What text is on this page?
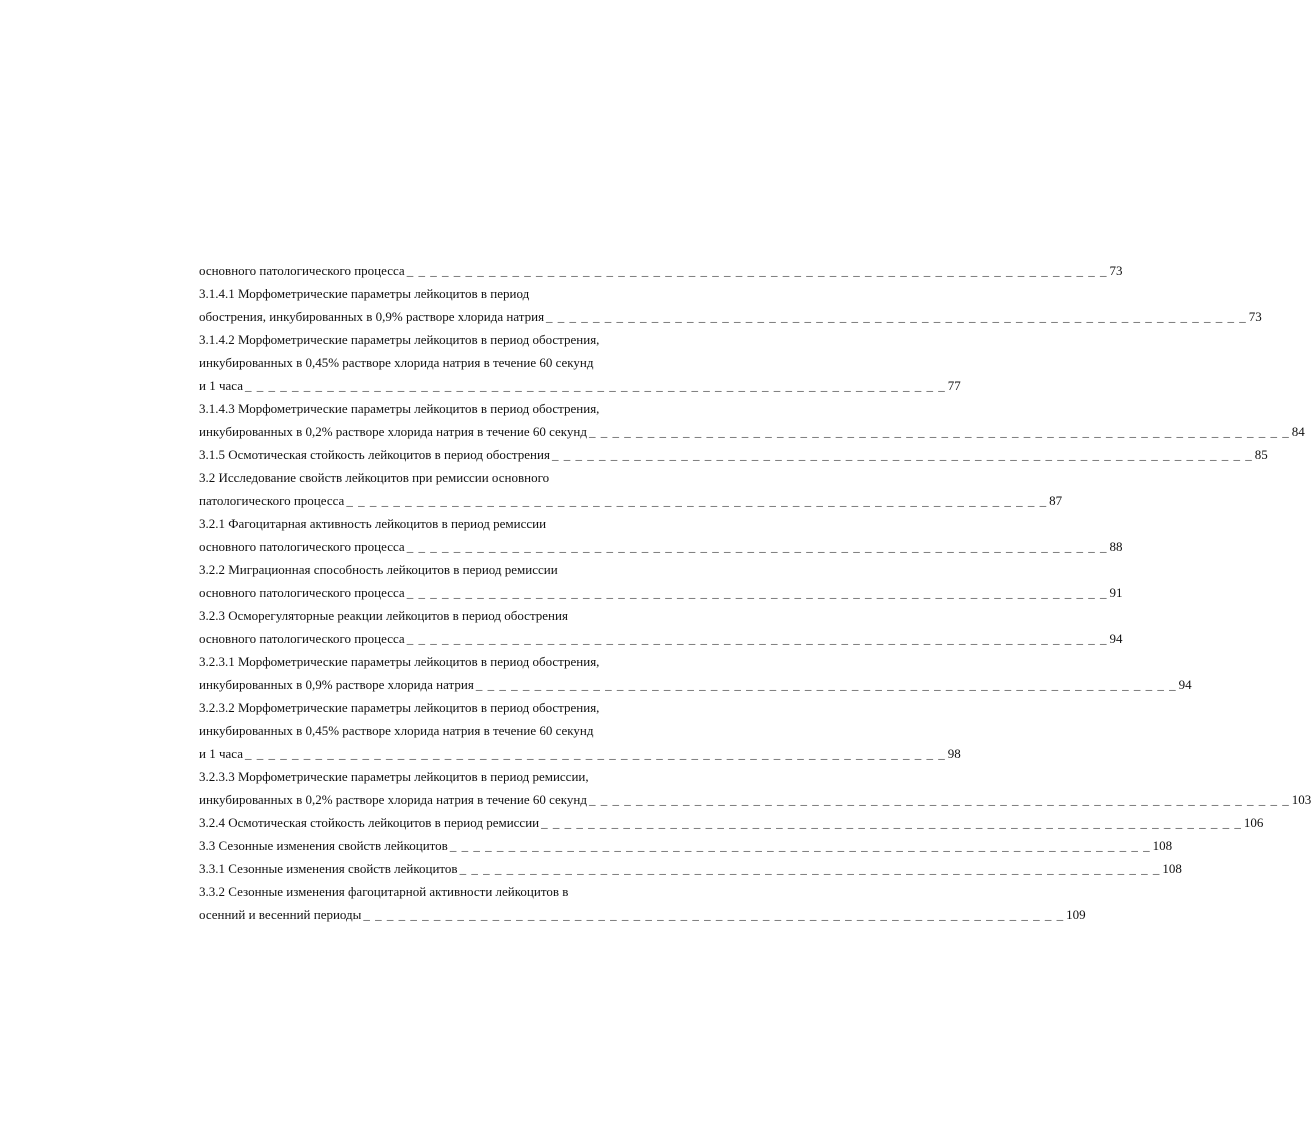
основного патологического процесса _ _ _ _ _ _ _ _ _ _ _ _ _ _ _ _ _ _ _ _ _ _ _ _ _ _ _ _ _ _ _ _ _ _ _ _ _ _ _ _ _ _ _ _ _ _ _ _ _ _ _ _ _ _ _ _ _ _ _ _ 73
3.1.4.1 Морфометрические параметры лейкоцитов в период
обострения, инкубированных в 0,9% растворе хлорида натрия _ _ _ _ _ _ _ _ _ _ _ _ _ _ _ _ _ _ _ _ _ _ _ _ _ _ _ _ _ _ _ _ _ _ _ _ _ _ _ _ _ _ _ _ _ _ _ _ _ _ _ _ _ _ _ _ _ _ _ _ 73
3.1.4.2 Морфометрические параметры лейкоцитов в период обострения,
инкубированных в 0,45% растворе хлорида натрия в течение 60 секунд
и 1 часа _ _ _ _ _ _ _ _ _ _ _ _ _ _ _ _ _ _ _ _ _ _ _ _ _ _ _ _ _ _ _ _ _ _ _ _ _ _ _ _ _ _ _ _ _ _ _ _ _ _ _ _ _ _ _ _ _ _ _ _ 77
3.1.4.3 Морфометрические параметры лейкоцитов в период обострения,
инкубированных в 0,2% растворе хлорида натрия в течение 60 секунд _ _ _ _ _ _ _ _ _ _ _ _ _ _ _ _ _ _ _ _ _ _ _ _ _ _ _ _ _ _ _ _ _ _ _ _ _ _ _ _ _ _ _ _ _ _ _ _ _ _ _ _ _ _ _ _ _ _ _ _ 84
3.1.5 Осмотическая стойкость лейкоцитов в период обострения _ _ _ _ _ _ _ _ _ _ _ _ _ _ _ _ _ _ _ _ _ _ _ _ _ _ _ _ _ _ _ _ _ _ _ _ _ _ _ _ _ _ _ _ _ _ _ _ _ _ _ _ _ _ _ _ _ _ _ _ 85
3.2 Исследование свойств лейкоцитов при ремиссии основного
патологического процесса _ _ _ _ _ _ _ _ _ _ _ _ _ _ _ _ _ _ _ _ _ _ _ _ _ _ _ _ _ _ _ _ _ _ _ _ _ _ _ _ _ _ _ _ _ _ _ _ _ _ _ _ _ _ _ _ _ _ _ _ 87
3.2.1 Фагоцитарная активность лейкоцитов в период ремиссии
основного патологического процесса _ _ _ _ _ _ _ _ _ _ _ _ _ _ _ _ _ _ _ _ _ _ _ _ _ _ _ _ _ _ _ _ _ _ _ _ _ _ _ _ _ _ _ _ _ _ _ _ _ _ _ _ _ _ _ _ _ _ _ _ 88
3.2.2 Миграционная способность лейкоцитов в период ремиссии
основного патологического процесса _ _ _ _ _ _ _ _ _ _ _ _ _ _ _ _ _ _ _ _ _ _ _ _ _ _ _ _ _ _ _ _ _ _ _ _ _ _ _ _ _ _ _ _ _ _ _ _ _ _ _ _ _ _ _ _ _ _ _ _ 91
3.2.3 Осморегуляторные реакции лейкоцитов в период обострения
основного патологического процесса _ _ _ _ _ _ _ _ _ _ _ _ _ _ _ _ _ _ _ _ _ _ _ _ _ _ _ _ _ _ _ _ _ _ _ _ _ _ _ _ _ _ _ _ _ _ _ _ _ _ _ _ _ _ _ _ _ _ _ _ 94
3.2.3.1 Морфометрические параметры лейкоцитов в период обострения,
инкубированных в 0,9% растворе хлорида натрия _ _ _ _ _ _ _ _ _ _ _ _ _ _ _ _ _ _ _ _ _ _ _ _ _ _ _ _ _ _ _ _ _ _ _ _ _ _ _ _ _ _ _ _ _ _ _ _ _ _ _ _ _ _ _ _ _ _ _ _ 94
3.2.3.2 Морфометрические параметры лейкоцитов в период обострения,
инкубированных в 0,45% растворе хлорида натрия в течение 60 секунд
и 1 часа _ _ _ _ _ _ _ _ _ _ _ _ _ _ _ _ _ _ _ _ _ _ _ _ _ _ _ _ _ _ _ _ _ _ _ _ _ _ _ _ _ _ _ _ _ _ _ _ _ _ _ _ _ _ _ _ _ _ _ _ 98
3.2.3.3 Морфометрические параметры лейкоцитов в период ремиссии,
инкубированных в 0,2% растворе хлорида натрия в течение 60 секунд _ _ _ _ _ _ _ _ _ _ _ _ _ _ _ _ _ _ _ _ _ _ _ _ _ _ _ _ _ _ _ _ _ _ _ _ _ _ _ _ _ _ _ _ _ _ _ _ _ _ _ _ _ _ _ _ _ _ _ _ 103
3.2.4 Осмотическая стойкость лейкоцитов в период ремиссии _ _ _ _ _ _ _ _ _ _ _ _ _ _ _ _ _ _ _ _ _ _ _ _ _ _ _ _ _ _ _ _ _ _ _ _ _ _ _ _ _ _ _ _ _ _ _ _ _ _ _ _ _ _ _ _ _ _ _ _ 106
3.3 Сезонные изменения свойств лейкоцитов _ _ _ _ _ _ _ _ _ _ _ _ _ _ _ _ _ _ _ _ _ _ _ _ _ _ _ _ _ _ _ _ _ _ _ _ _ _ _ _ _ _ _ _ _ _ _ _ _ _ _ _ _ _ _ _ _ _ _ _ 108
3.3.1 Сезонные изменения свойств лейкоцитов _ _ _ _ _ _ _ _ _ _ _ _ _ _ _ _ _ _ _ _ _ _ _ _ _ _ _ _ _ _ _ _ _ _ _ _ _ _ _ _ _ _ _ _ _ _ _ _ _ _ _ _ _ _ _ _ _ _ _ _ 108
3.3.2 Сезонные изменения фагоцитарной активности лейкоцитов в
осенний и весенний периоды _ _ _ _ _ _ _ _ _ _ _ _ _ _ _ _ _ _ _ _ _ _ _ _ _ _ _ _ _ _ _ _ _ _ _ _ _ _ _ _ _ _ _ _ _ _ _ _ _ _ _ _ _ _ _ _ _ _ _ _ 109
